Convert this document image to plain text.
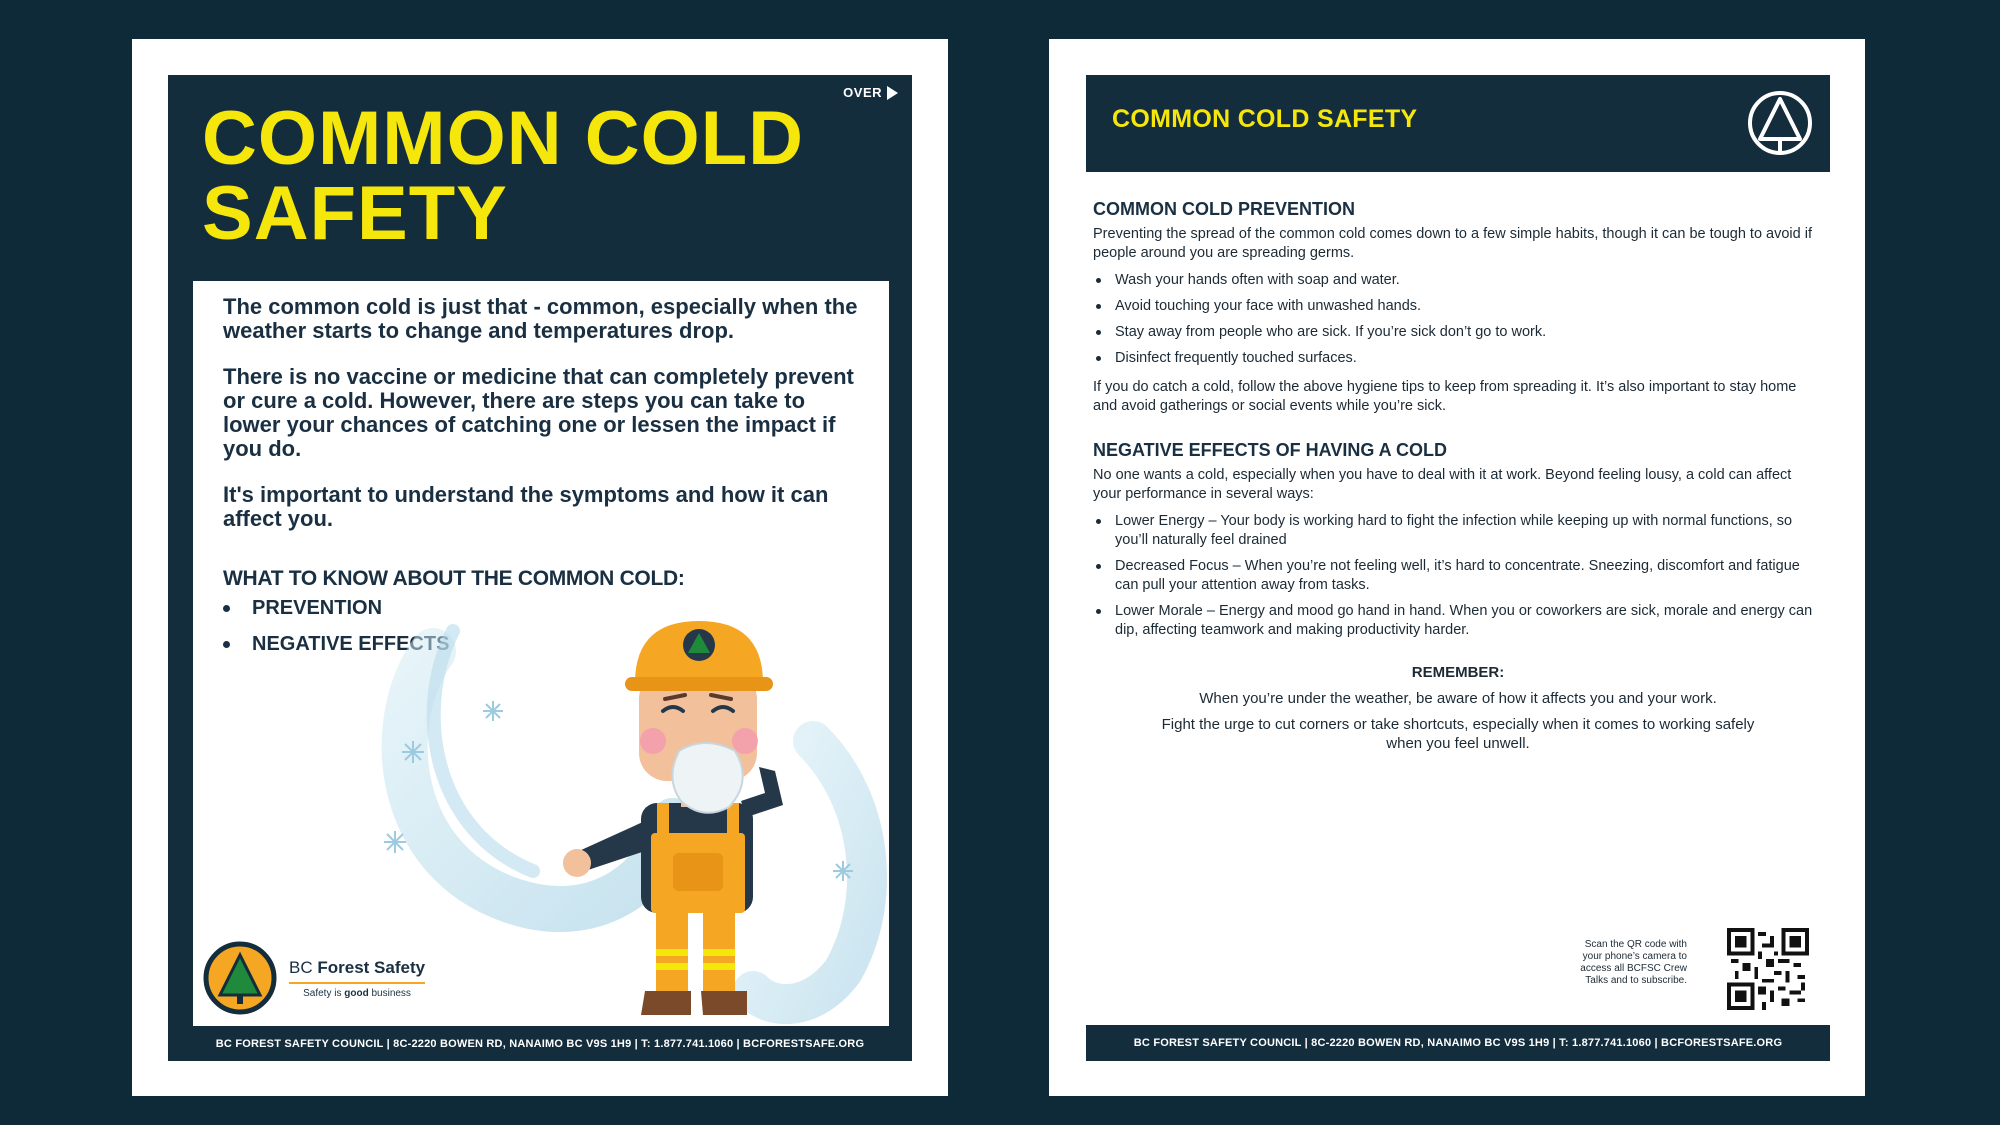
OVER
COMMON COLD
SAFETY

The common cold is just that - common, especially when the weather starts to change and temperatures drop.

There is no vaccine or medicine that can completely prevent or cure a cold. However, there are steps you can take to lower your chances of catching one or lessen the impact if you do.

It's important to understand the symptoms and how it can affect you.

WHAT TO KNOW ABOUT THE COMMON COLD:
PREVENTION
NEGATIVE EFFECTS
BC Forest Safety
Safety is good business
BC FOREST SAFETY COUNCIL | 8C-2220 BOWEN RD, NANAIMO BC V9S 1H9 | T: 1.877.741.1060 | BCFORESTSAFE.ORG
COMMON COLD SAFETY
COMMON COLD PREVENTION
Preventing the spread of the common cold comes down to a few simple habits, though it can be tough to avoid if people around you are spreading germs.
Wash your hands often with soap and water.
Avoid touching your face with unwashed hands.
Stay away from people who are sick. If you’re sick don’t go to work.
Disinfect frequently touched surfaces.
If you do catch a cold, follow the above hygiene tips to keep from spreading it. It’s also important to stay home and avoid gatherings or social events while you’re sick.
NEGATIVE EFFECTS OF HAVING A COLD
No one wants a cold, especially when you have to deal with it at work. Beyond feeling lousy, a cold can affect your performance in several ways:
Lower Energy – Your body is working hard to fight the infection while keeping up with normal functions, so you’ll naturally feel drained
Decreased Focus – When you’re not feeling well, it’s hard to concentrate. Sneezing, discomfort and fatigue can pull your attention away from tasks.
Lower Morale – Energy and mood go hand in hand. When you or coworkers are sick, morale and energy can dip, affecting teamwork and making productivity harder.
REMEMBER:
When you’re under the weather, be aware of how it affects you and your work.
Fight the urge to cut corners or take shortcuts, especially when it comes to working safely when you feel unwell.
Scan the QR code with your phone’s camera to access all BCFSC Crew Talks and to subscribe.
BC FOREST SAFETY COUNCIL | 8C-2220 BOWEN RD, NANAIMO BC V9S 1H9 | T: 1.877.741.1060 | BCFORESTSAFE.ORG
